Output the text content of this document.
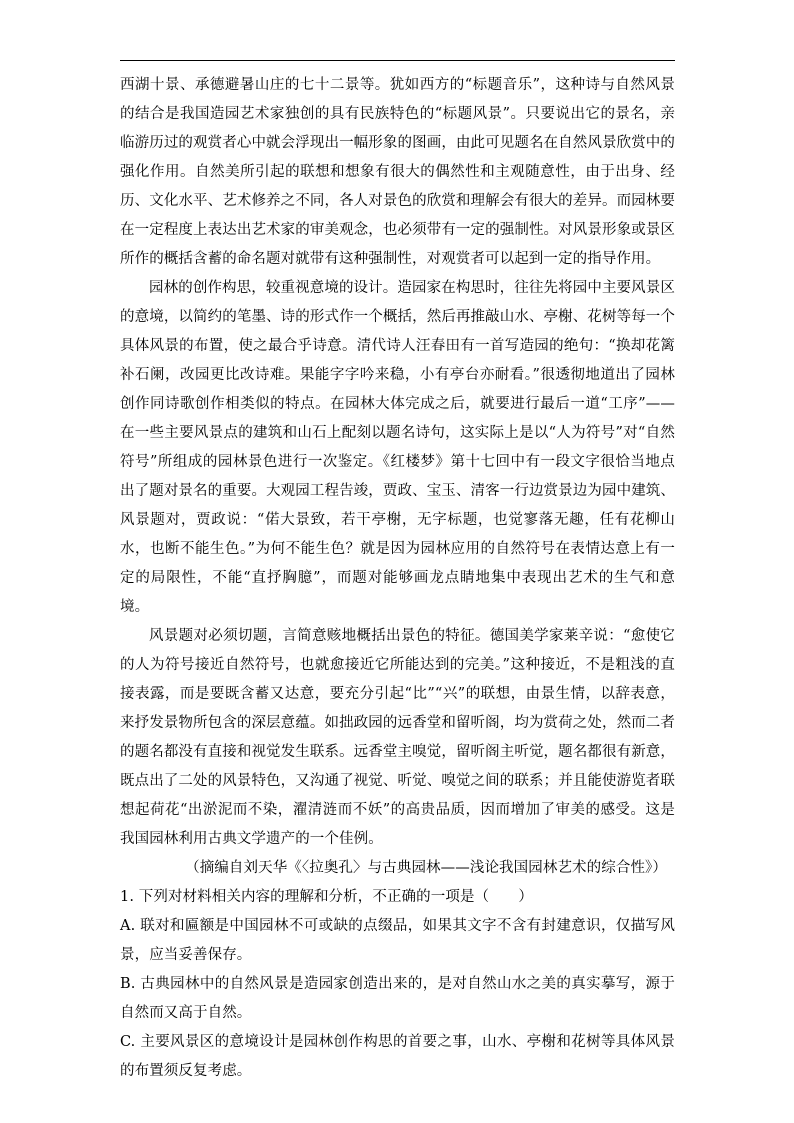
西湖十景、承德避暑山庄的七十二景等。犹如西方的“标题音乐”，这种诗与自然风景的结合是我国造园艺术家独创的具有民族特色的“标题风景”。只要说出它的景名，亲临游历过的观赏者心中就会浮现出一幅形象的图画，由此可见题名在自然风景欣赏中的强化作用。自然美所引起的联想和想象有很大的偶然性和主观随意性，由于出身、经历、文化水平、艺术修养之不同，各人对景色的欣赏和理解会有很大的差异。而园林要在一定程度上表达出艺术家的审美观念，也必须带有一定的强制性。对风景形象或景区所作的概括含蓄的命名题对就带有这种强制性，对观赏者可以起到一定的指导作用。

园林的创作构思，较重视意境的设计。造园家在构思时，往往先将园中主要风景区的意境，以简约的笔墨、诗的形式作一个概括，然后再推敲山水、亭榭、花树等每一个具体风景的布置，使之最合乎诗意。清代诗人汪春田有一首写造园的绝句：“换却花篱补石阑，改园更比改诗难。果能字字吟来稳，小有亭台亦耐看。”很透彻地道出了园林创作同诗歌创作相类似的特点。在园林大体完成之后，就要进行最后一道“工序”——在一些主要风景点的建筑和山石上配刻以题名诗句，这实际上是以“人为符号”对“自然符号”所组成的园林景色进行一次鉴定。《红楼梦》第十七回中有一段文字很恰当地点出了题对景名的重要。大观园工程告竣，贾政、宝玉、清客一行边赏景边为园中建筑、风景题对，贾政说：“偌大景致，若干亭榭，无字标题，也觉寥落无趣，任有花柳山水，也断不能生色。”为何不能生色？就是因为园林应用的自然符号在表情达意上有一定的局限性，不能“直抒胸臆”，而题对能够画龙点睛地集中表现出艺术的生气和意境。

风景题对必须切题，言简意赅地概括出景色的特征。德国美学家莱辛说：“愈使它的人为符号接近自然符号，也就愈接近它所能达到的完美。”这种接近，不是粗浅的直接表露，而是要既含蓄又达意，要充分引起“比”“兴”的联想，由景生情，以辞表意，来抒发景物所包含的深层意蕴。如拙政园的远香堂和留听阁，均为赏荷之处，然而二者的题名都没有直接和视觉发生联系。远香堂主嗅觉，留听阁主听觉，题名都很有新意，既点出了二处的风景特色，又沟通了视觉、听觉、嗅觉之间的联系；并且能使游览者联想起荷花“出淤泥而不染，濯清涟而不妖”的高贵品质，因而增加了审美的感受。这是我国园林利用古典文学遗产的一个佳例。

（摘编自刘天华《〈拉奥孔〉与古典园林——浅论我国园林艺术的综合性》）

1. 下列对材料相关内容的理解和分析，不正确的一项是（　　）

A. 联对和匾额是中国园林不可或缺的点缀品，如果其文字不含有封建意识，仅描写风景，应当妥善保存。

B. 古典园林中的自然风景是造园家创造出来的，是对自然山水之美的真实摹写，源于自然而又高于自然。

C. 主要风景区的意境设计是园林创作构思的首要之事，山水、亭榭和花树等具体风景的布置须反复考虑。
